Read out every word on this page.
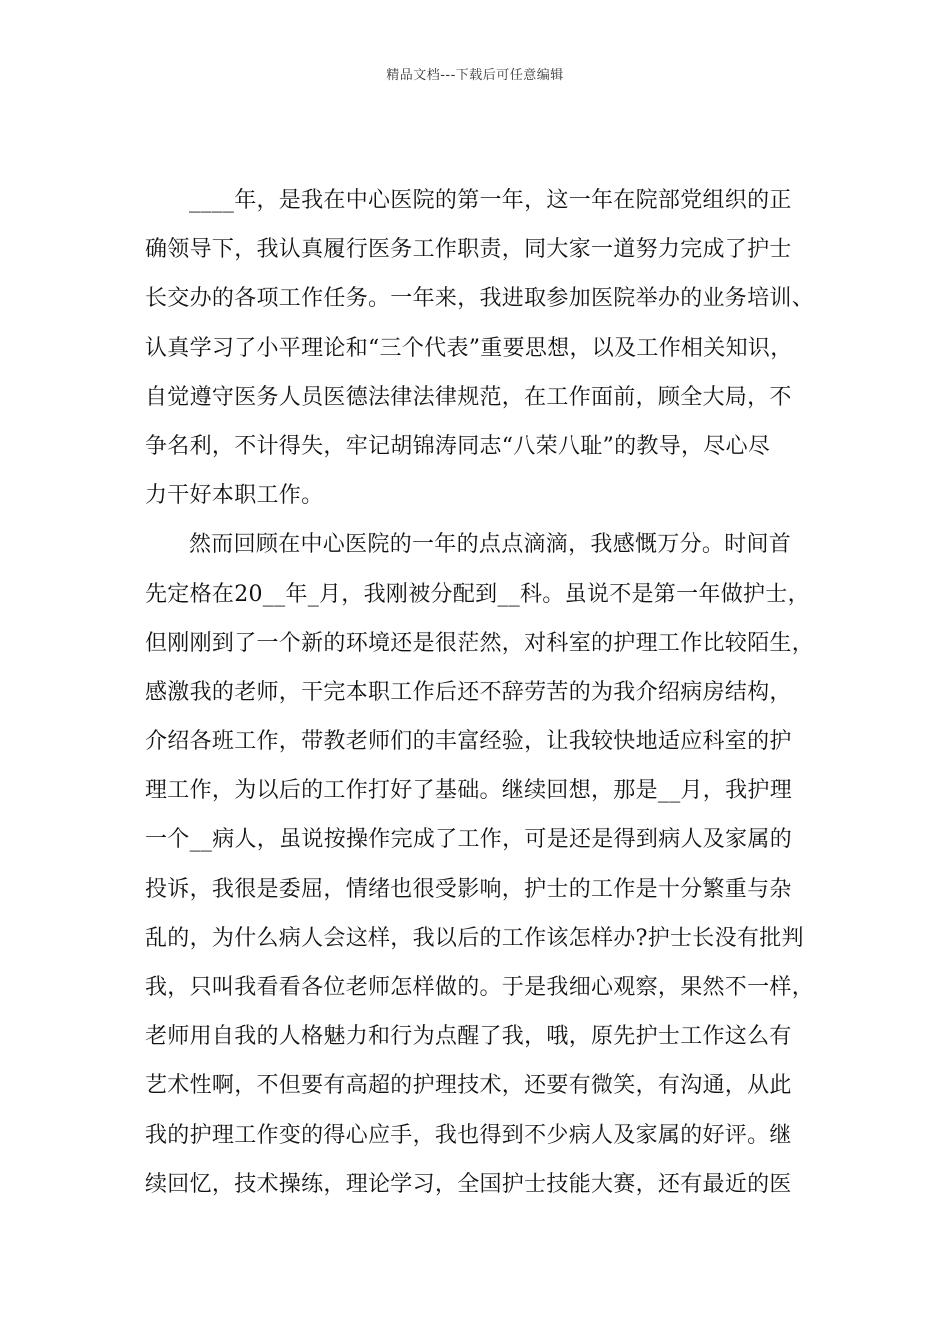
精品文档---下载后可任意编辑
____年，是我在中心医院的第一年，这一年在院部党组织的正
确领导下，我认真履行医务工作职责，同大家一道努力完成了护士
长交办的各项工作任务。一年来，我进取参加医院举办的业务培训、
认真学习了小平理论和“三个代表”重要思想，以及工作相关知识，
自觉遵守医务人员医德法律法律规范，在工作面前，顾全大局，不
争名利，不计得失，牢记胡锦涛同志“八荣八耻”的教导，尽心尽
力干好本职工作。
然而回顾在中心医院的一年的点点滴滴，我感慨万分。时间首
先定格在20__年_月，我刚被分配到__科。虽说不是第一年做护士，
但刚刚到了一个新的环境还是很茫然，对科室的护理工作比较陌生，
感激我的老师，干完本职工作后还不辞劳苦的为我介绍病房结构，
介绍各班工作，带教老师们的丰富经验，让我较快地适应科室的护
理工作，为以后的工作打好了基础。继续回想，那是__月，我护理
一个__病人，虽说按操作完成了工作，可是还是得到病人及家属的
投诉，我很是委屈，情绪也很受影响，护士的工作是十分繁重与杂
乱的，为什么病人会这样，我以后的工作该怎样办?护士长没有批判
我，只叫我看看各位老师怎样做的。于是我细心观察，果然不一样，
老师用自我的人格魅力和行为点醒了我，哦，原先护士工作这么有
艺术性啊，不但要有高超的护理技术，还要有微笑，有沟通，从此
我的护理工作变的得心应手，我也得到不少病人及家属的好评。继
续回忆，技术操练，理论学习，全国护士技能大赛，还有最近的医
